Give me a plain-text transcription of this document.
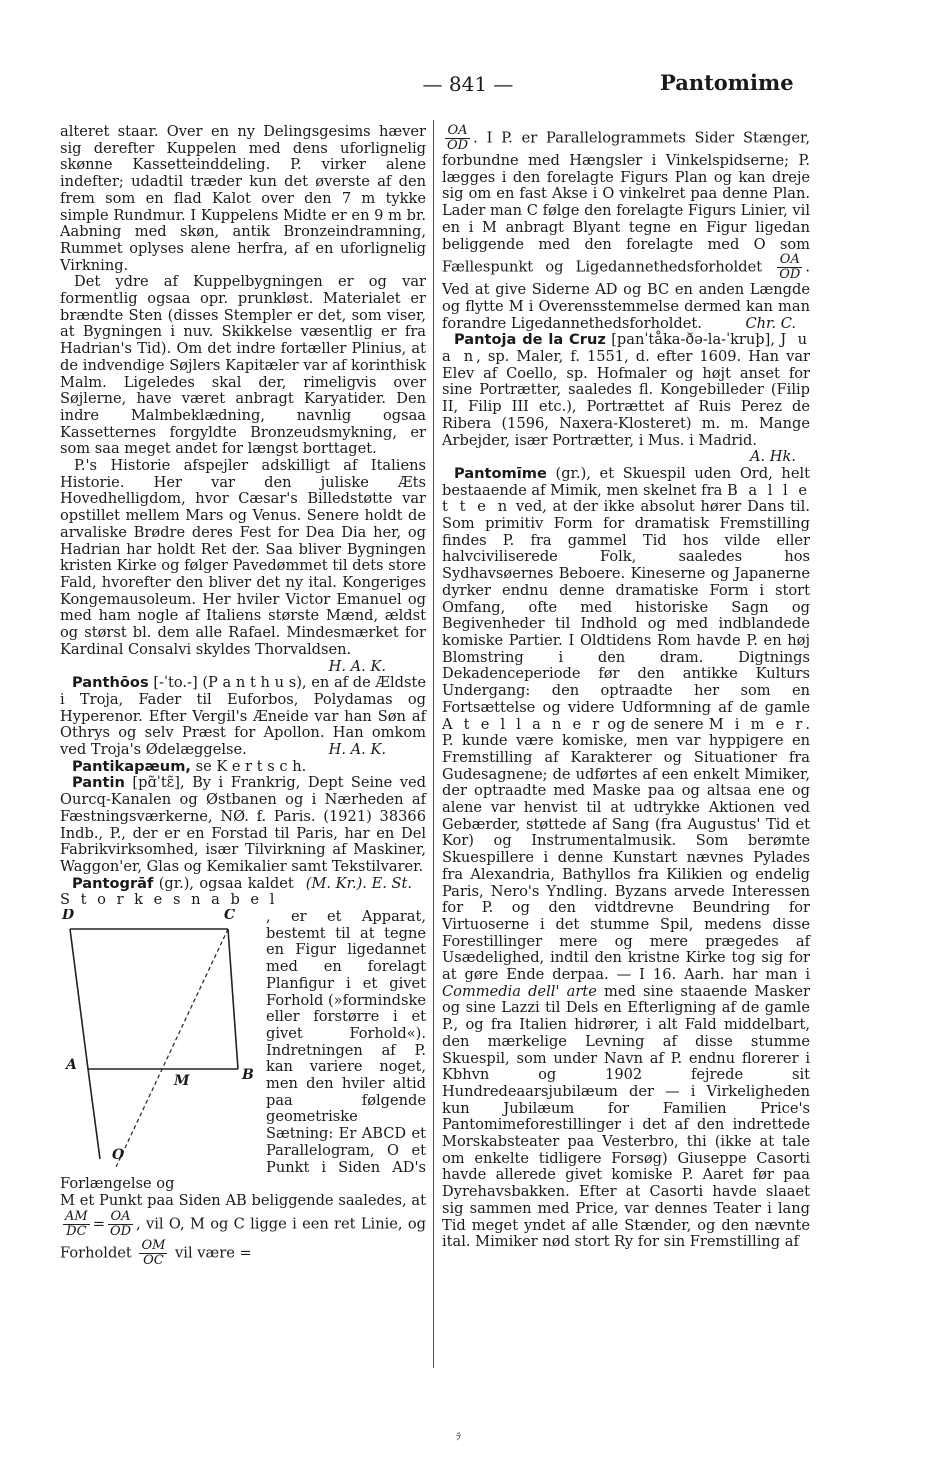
— 841 —	Pantomime

alteret staar. Over en ny Delingsgesims hæver sig derefter Kuppelen med dens uforlignelig skønne Kassetteinddeling. P. virker alene indefter; udadtil træder kun det øverste af den frem som en flad Kalot over den 7 m tykke simple Rundmur. I Kuppelens Midte er en 9 m br. Aabning med skøn, antik Bronzeindramning, Rummet oplyses alene herfra, af en uforlignelig Virkning.

Det ydre af Kuppelbygningen er og var formentlig ogsaa opr. prunkløst. Materialet er brændte Sten (disses Stempler er det, som viser, at Bygningen i nuv. Skikkelse væsentlig er fra Hadrian's Tid). Om det indre fortæller Plinius, at de indvendige Søjlers Kapitæler var af korinthisk Malm. Ligeledes skal der, rimeligvis over Søjlerne, have været anbragt Karyatider. Den indre Malmbeklædning, navnlig ogsaa Kassetternes forgyldte Bronzeudsmykning, er som saa meget andet for længst borttaget.

P.'s Historie afspejler adskilligt af Italiens Historie. Her var den juliske Æts Hovedhelligdom, hvor Cæsar's Billedstøtte var opstillet mellem Mars og Venus. Senere holdt de arvaliske Brødre deres Fest for Dea Dia her, og Hadrian har holdt Ret der. Saa bliver Bygningen kristen Kirke og følger Pavedømmet til dets store Fald, hvorefter den bliver det ny ital. Kongeriges Kongemausoleum. Her hviler Victor Emanuel og med ham nogle af Italiens største Mænd, ældst og størst bl. dem alle Rafael. Mindesmærket for Kardinal Consalvi skyldes Thorvaldsen.
H. A. K.

Panthōos [-ˈto.-] (P a n t h u s), en af de Ældste i Troja, Fader til Euforbos, Polydamas og Hyperenor. Efter Vergil's Æneide var han Søn af Othrys og selv Præst for Apollon. Han omkom ved Troja's Ødelæggelse.	H. A. K.

Pantikapæum, se K e r t s c h.

Pantin [pɑ̃ˈtɛ̃], By i Frankrig, Dept Seine ved Ourcq-Kanalen og Østbanen og i Nærheden af Fæstningsværkerne, NØ. f. Paris. (1921) 38366 Indb., P., der er en Forstad til Paris, har en Del Fabrikvirksomhed, især Tilvirkning af Maskiner, Waggon'er, Glas og Kemikalier samt Tekstilvarer.
(M. Kr.). E. St.

Pantogrāf (gr.), ogsaa kaldet S t o r k e s n a b e l

D	C
A
B
M
O

, er et Apparat, bestemt til at tegne en Figur ligedannet med en forelagt Planfigur i et givet Forhold (»formindske eller forstørre i et givet Forhold«). Indretningen af P. kan variere noget, men den hviler altid paa følgende geometriske Sætning: Er ABCD et Parallelogram, O et Punkt i Siden AD's Forlængelse og

M et Punkt paa Siden AB beliggende saaledes, at
$\frac{AM}{DC} = \frac{OA}{OD}$ , vil O, M og C ligge i een ret Linie, og Forholdet $\frac{OM}{OC}$ vil være =

$\frac{OA}{OD}$ . I P. er Parallelogrammets Sider Stænger, forbundne med Hængsler i Vinkelspidserne; P. lægges i den forelagte Figurs Plan og kan dreje sig om en fast Akse i O vinkelret paa denne Plan. Lader man C følge den forelagte Figurs Linier, vil en i M anbragt Blyant tegne en Figur ligedan beliggende med den forelagte med O som Fællespunkt og Ligedannethedsforholdet $\frac{OA}{OD}$ . Ved at give Siderne AD og BC en anden Længde og flytte M i Overensstemmelse dermed kan man forandre Ligedannethedsforholdet.	Chr. C.

Pantoja de la Cruz [panˈtåka-ðə-la-ˈkruþ], J u a n, sp. Maler, f. 1551, d. efter 1609. Han var Elev af Coello, sp. Hofmaler og højt anset for sine Portrætter, saaledes fl. Kongebilleder (Filip II, Filip III etc.), Portrættet af Ruis Perez de Ribera (1596, Naxera-Klosteret) m. m. Mange Arbejder, især Portrætter, i Mus. i Madrid.
A. Hk.

Pantomīme (gr.), et Skuespil uden Ord, helt bestaaende af Mimik, men skelnet fra B a l l e t t e n ved, at der ikke absolut hører Dans til. Som primitiv Form for dramatisk Fremstilling findes P. fra gammel Tid hos vilde eller halvciviliserede Folk, saaledes hos Sydhavsøernes Beboere. Kineserne og Japanerne dyrker endnu denne dramatiske Form i stort Omfang, ofte med historiske Sagn og Begivenheder til Indhold og med indblandede komiske Partier. I Oldtidens Rom havde P. en høj Blomstring i den dram. Digtnings Dekadenceperiode før den antikke Kulturs Undergang: den optraadte her som en Fortsættelse og videre Udformning af de gamle A t e l l a n e r og de senere M i m e r. P. kunde være komiske, men var hyppigere en Fremstilling af Karakterer og Situationer fra Gudesagnene; de udførtes af een enkelt Mimiker, der optraadte med Maske paa og altsaa ene og alene var henvist til at udtrykke Aktionen ved Gebærder, støttede af Sang (fra Augustus' Tid et Kor) og Instrumentalmusik. Som berømte Skuespillere i denne Kunstart nævnes Pylades fra Alexandria, Bathyllos fra Kilikien og endelig Paris, Nero's Yndling. Byzans arvede Interessen for P. og den vidtdrevne Beundring for Virtuoserne i det stumme Spil, medens disse Forestillinger mere og mere prægedes af Usædelighed, indtil den kristne Kirke tog sig for at gøre Ende derpaa. — I 16. Aarh. har man i Commedia dell' arte med sine staaende Masker og sine Lazzi til Dels en Efterligning af de gamle P., og fra Italien hidrører, i alt Fald middelbart, den mærkelige Levning af disse stumme Skuespil, som under Navn af P. endnu florerer i Kbhvn og 1902 fejrede sit Hundredeaarsjubilæum der — i Virkeligheden kun Jubilæum for Familien Price's Pantomimeforestillinger i det af den indrettede Morskabsteater paa Vesterbro, thi (ikke at tale om enkelte tidligere Forsøg) Giuseppe Casorti havde allerede givet komiske P. Aaret før paa Dyrehavsbakken. Efter at Casorti havde slaaet sig sammen med Price, var dennes Teater i lang Tid meget yndet af alle Stænder, og den nævnte ital. Mimiker nød stort Ry for sin Fremstilling af

ﾗ
